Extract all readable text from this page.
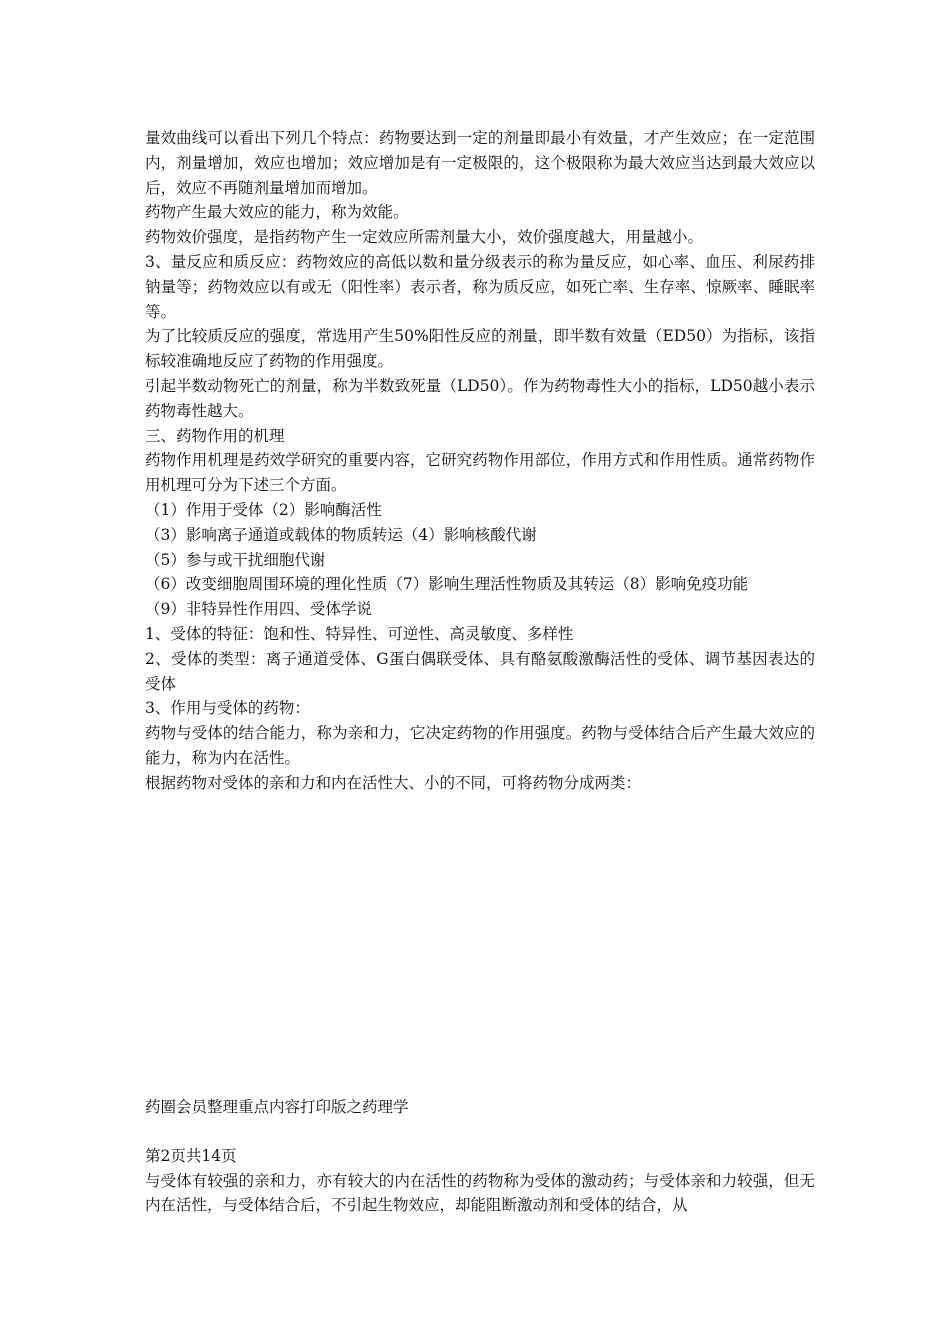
量效曲线可以看出下列几个特点：药物要达到一定的剂量即最小有效量，才产生效应；在一定范围内，剂量增加，效应也增加；效应增加是有一定极限的，这个极限称为最大效应当达到最大效应以后，效应不再随剂量增加而增加。

药物产生最大效应的能力，称为效能。

药物效价强度，是指药物产生一定效应所需剂量大小，效价强度越大，用量越小。

3、量反应和质反应：药物效应的高低以数和量分级表示的称为量反应，如心率、血压、利尿药排钠量等；药物效应以有或无（阳性率）表示者，称为质反应，如死亡率、生存率、惊厥率、睡眠率等。

为了比较质反应的强度，常选用产生50%阳性反应的剂量，即半数有效量（ED50）为指标，该指标较准确地反应了药物的作用强度。

引起半数动物死亡的剂量，称为半数致死量（LD50）。作为药物毒性大小的指标，LD50越小表示药物毒性越大。

三、药物作用的机理

药物作用机理是药效学研究的重要内容，它研究药物作用部位，作用方式和作用性质。通常药物作用机理可分为下述三个方面。

（1）作用于受体（2）影响酶活性

（3）影响离子通道或载体的物质转运（4）影响核酸代谢

（5）参与或干扰细胞代谢

（6）改变细胞周围环境的理化性质（7）影响生理活性物质及其转运（8）影响免疫功能

（9）非特异性作用四、受体学说

1、受体的特征：饱和性、特异性、可逆性、高灵敏度、多样性

2、受体的类型：离子通道受体、G蛋白偶联受体、具有酪氨酸激酶活性的受体、调节基因表达的受体

3、作用与受体的药物：

药物与受体的结合能力，称为亲和力，它决定药物的作用强度。药物与受体结合后产生最大效应的能力，称为内在活性。

根据药物对受体的亲和力和内在活性大、小的不同，可将药物分成两类：

药圈会员整理重点内容打印版之药理学

第2页共14页

与受体有较强的亲和力，亦有较大的内在活性的药物称为受体的激动药；与受体亲和力较强，但无内在活性，与受体结合后，不引起生物效应，却能阻断激动剂和受体的结合，从
